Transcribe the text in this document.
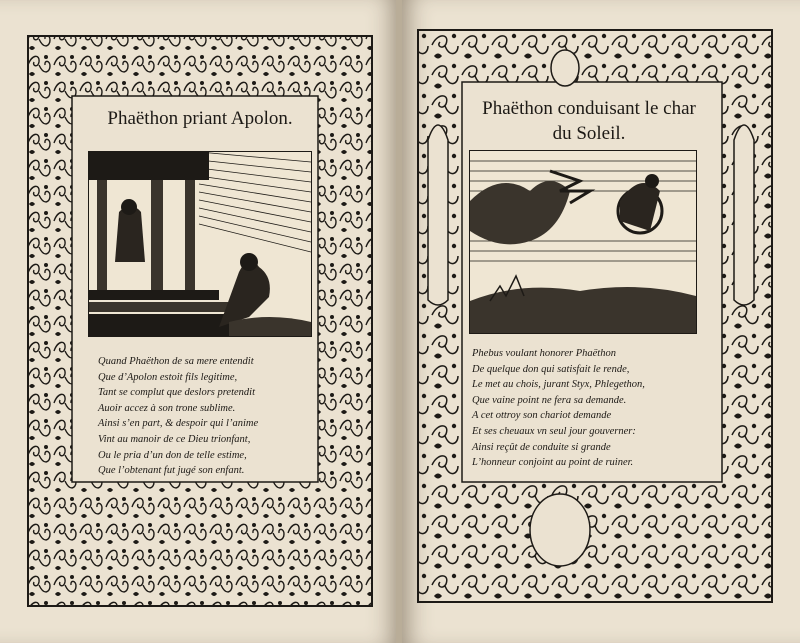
Phaëthon priant Apolon.
Quand Phaëthon de sa mere entendit
Que d’Apolon estoit fils legitime,
Tant se complut que deslors pretendit
Auoir accez à son trone sublime.
Ainsi s’en part, & despoir qui l’anime
Vint au manoir de ce Dieu trionfant,
Ou le pria d’un don de telle estime,
Que l’obtenant fut jugé son enfant.
Phaëthon conduisant le char
du Soleil.
Phebus voulant honorer Phaëthon
De quelque don qui satisfait le rende,
Le met au chois, jurant Styx, Phlegethon,
Que vaine point ne fera sa demande.
A cet ottroy son chariot demande
Et ses cheuaux vn seul jour gouverner:
Ainsi reçût de conduite si grande
L’honneur conjoint au point de ruiner.
